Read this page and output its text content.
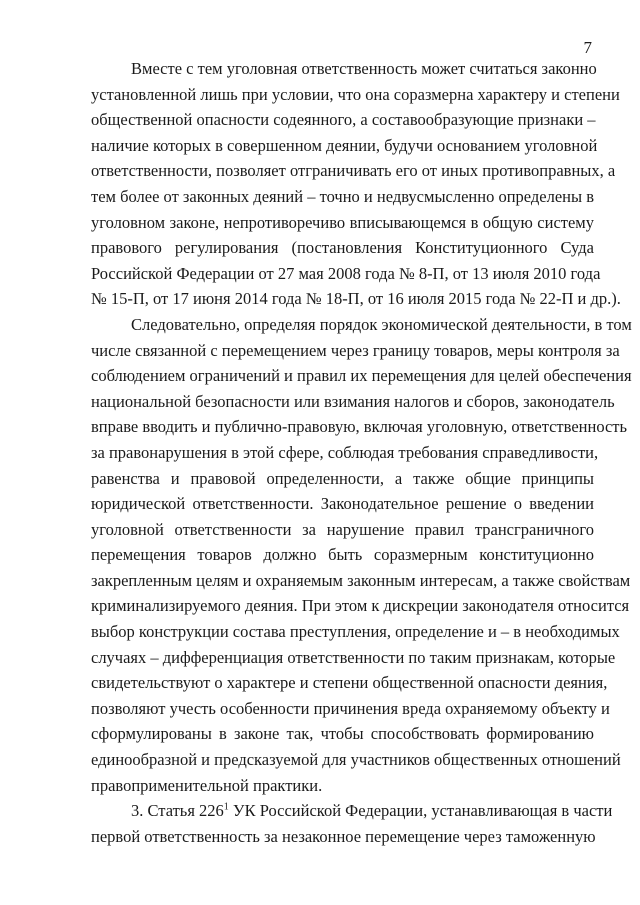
7
Вместе с тем уголовная ответственность может считаться законно
установленной лишь при условии, что она соразмерна характеру и степени
общественной опасности содеянного, а составообразующие признаки –
наличие которых в совершенном деянии, будучи основанием уголовной
ответственности, позволяет отграничивать его от иных противоправных, а
тем более от законных деяний – точно и недвусмысленно определены в
уголовном законе, непротиворечиво вписывающемся в общую систему
правового регулирования (постановления Конституционного Суда
Российской Федерации от 27 мая 2008 года № 8-П, от 13 июля 2010 года
№ 15-П, от 17 июня 2014 года № 18-П, от 16 июля 2015 года № 22-П и др.).
Следовательно, определяя порядок экономической деятельности, в том
числе связанной с перемещением через границу товаров, меры контроля за
соблюдением ограничений и правил их перемещения для целей обеспечения
национальной безопасности или взимания налогов и сборов, законодатель
вправе вводить и публично-правовую, включая уголовную, ответственность
за правонарушения в этой сфере, соблюдая требования справедливости,
равенства и правовой определенности, а также общие принципы
юридической ответственности. Законодательное решение о введении
уголовной ответственности за нарушение правил трансграничного
перемещения товаров должно быть соразмерным конституционно
закрепленным целям и охраняемым законным интересам, а также свойствам
криминализируемого деяния. При этом к дискреции законодателя относится
выбор конструкции состава преступления, определение и – в необходимых
случаях – дифференциация ответственности по таким признакам, которые
свидетельствуют о характере и степени общественной опасности деяния,
позволяют учесть особенности причинения вреда охраняемому объекту и
сформулированы в законе так, чтобы способствовать формированию
единообразной и предсказуемой для участников общественных отношений
правоприменительной практики.
3. Статья $226^1$ УК Российской Федерации, устанавливающая в части
первой ответственность за незаконное перемещение через таможенную
